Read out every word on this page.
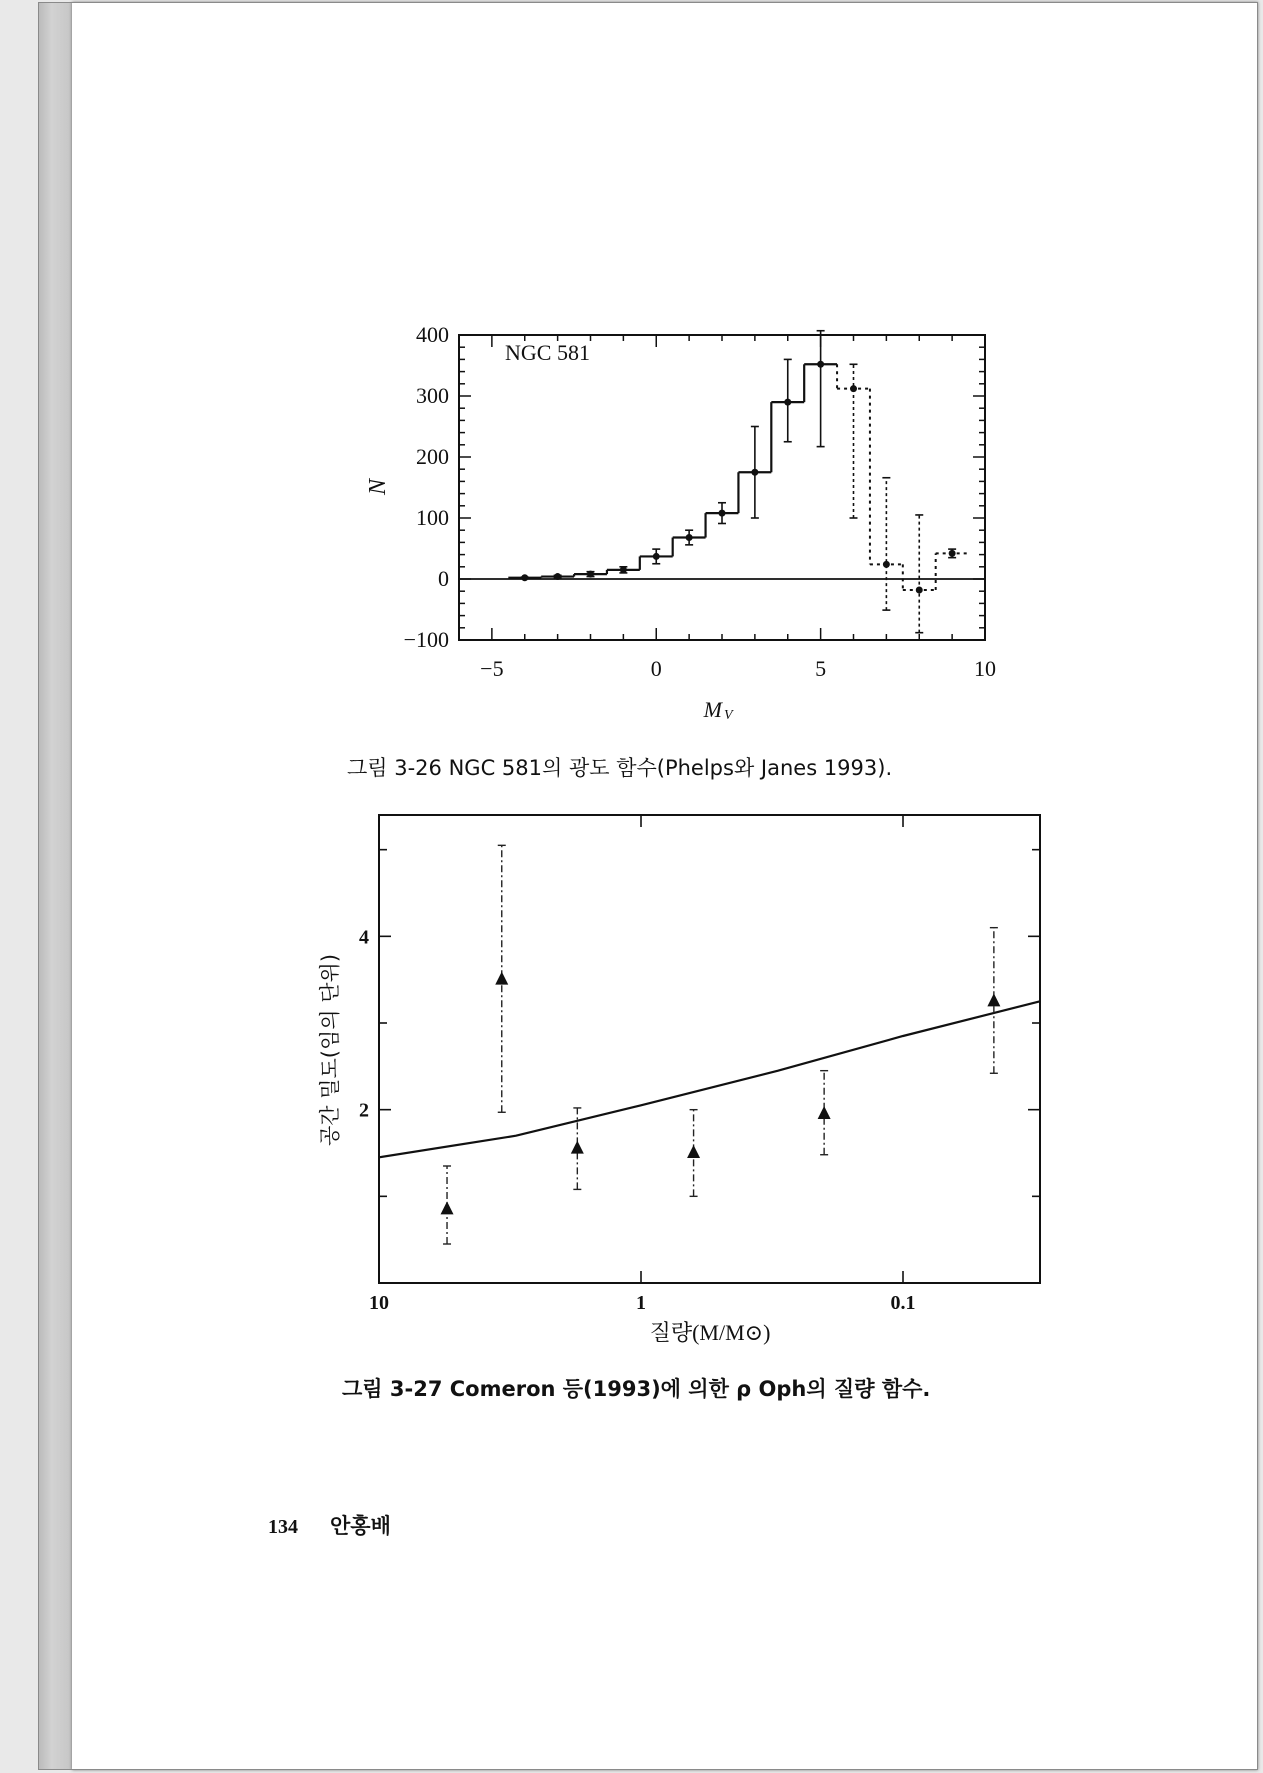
NGC 581
−5	0	5	10
−100
0
100
200
300
400
N
M V
그림 3-26 NGC 581의 광도 함수(Phelps와 Janes 1993).
10	1	0.1
2
4
공간 밀도(임의 단위)
질량(M/M⊙)
그림 3-27 Comeron 등(1993)에 의한 ρ Oph의 질량 함수.
134 안홍배
